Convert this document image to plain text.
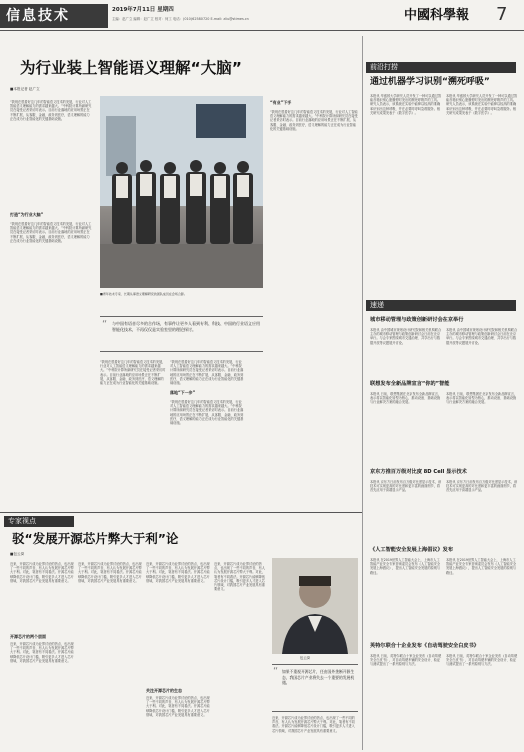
信息技术	2019年7月11日 星期四
主编：赵广立 编辑：赵广立 校对：何工 电话：(010)62580720 E-mail: zliu@stimes.cn	中國科學報 7
为行业装上智能语义理解“大脑”
■本报记者 赵广立
“我现在很看好这几年的智能语义技术的发展，行业对人工智能语义理解能力的需求越来越大。”中科院计算所副研究员在接受记者采访时表示。目前行业落地的应用场景正在不断扩展，从客服、金融、政务到医疗，语义理解的能力正在成为行业智能化的关键基础设施。
打造“为行业大脑”
“我现在很看好这几年的智能语义技术的发展，行业对人工智能语义理解能力的需求越来越大。”中科院计算所副研究员在接受记者采访时表示。目前行业落地的应用场景正在不断扩展，从客服、金融、政务到医疗，语义理解的能力正在成为行业智能化的关键基础设施。
■青年技术专家、长期从事语义理解研究的团队成员在会场合影。
“ 与中国有语音尽多的合作场，有事件让更多人看到专利、科技、中国的行业语义应用智能化技术，不再仅仅是实验室里的理论探讨。
“我现在很看好这几年的智能语义技术的发展，行业对人工智能语义理解能力的需求越来越大。”中科院计算所副研究员在接受记者采访时表示。目前行业落地的应用场景正在不断扩展，从客服、金融、政务到医疗，语义理解的能力正在成为行业智能化的关键基础设施。
“我现在很看好这几年的智能语义技术的发展，行业对人工智能语义理解能力的需求越来越大。”中科院计算所副研究员在接受记者采访时表示。目前行业落地的应用场景正在不断扩展，从客服、金融、政务到医疗，语义理解的能力正在成为行业智能化的关键基础设施。
落地“下一步”
“我现在很看好这几年的智能语义技术的发展，行业对人工智能语义理解能力的需求越来越大。”中科院计算所副研究员在接受记者采访时表示。目前行业落地的应用场景正在不断扩展，从客服、金融、政务到医疗，语义理解的能力正在成为行业智能化的关键基础设施。
“有业”下手
“我现在很看好这几年的智能语义技术的发展，行业对人工智能语义理解能力的需求越来越大。”中科院计算所副研究员在接受记者采访时表示。目前行业落地的应用场景正在不断扩展，从客服、金融、政务到医疗，语义理解的能力正在成为行业智能化的关键基础设施。
前沿打捞
通过机器学习识别“溯死呼吸”
本报讯 华盛顿大学研究人员开发了一种可以通过智能音箱识别心脏骤停时发出的濒死呼吸声的工具。研究人员表示，该系统在实验中能够以较高的准确率识别出这种呼吸，并在必要时呼叫急救服务。相关研究成果发表于《数字医学》。
本报讯 华盛顿大学研究人员开发了一种可以通过智能音箱识别心脏骤停时发出的濒死呼吸声的工具。研究人员表示，该系统在实验中能够以较高的准确率识别出这种呼吸，并在必要时呼叫急救服务。相关研究成果发表于《数字医学》。
速递
城市移动管理与政策创新研讨会在京举行
本报讯 由中国城市规划设计研究院和相关机构联合主办的城市移动管理与政策创新研讨会日前在北京举行。与会专家围绕城市交通治理、共享出行与数据开放等议题展开讨论。
本报讯 由中国城市规划设计研究院和相关机构联合主办的城市移动管理与政策创新研讨会日前在北京举行。与会专家围绕城市交通治理、共享出行与数据开放等议题展开讨论。
联想发布全新品牌宣言“你的”智能
本报讯 日前，联想集团在北京发布全新品牌宣言，表示将以智能化转型为核心，推动设备、基础设施与行业解决方案的融合发展。
本报讯 日前，联想集团在北京发布全新品牌宣言，表示将以智能化转型为核心，推动设备、基础设施与行业解决方案的融合发展。
京东方推百万级对比度 8D Cell 显示技术
本报讯 京东方日前发布百万级对比度显示技术，该技术可实现更高的对比度和更丰富的画面细节，将首先应用于高端显示产品。
本报讯 京东方日前发布百万级对比度显示技术，该技术可实现更高的对比度和更丰富的画面细节，将首先应用于高端显示产品。
《人工智能安全发展上海倡议》发布
本报讯 在2019世界人工智能大会上，上海市人工智能产业安全专家咨询委员会发布《人工智能安全发展上海倡议》，提出人工智能安全发展的原则与路径。
本报讯 在2019世界人工智能大会上，上海市人工智能产业安全专家咨询委员会发布《人工智能安全发展上海倡议》，提出人工智能安全发展的原则与路径。
英特尔联合十企业发布《自动驾驶安全白皮书》
本报讯 日前，英特尔联合十家企业发布《自动驾驶安全白皮书》，对自动驾驶车辆的安全设计、验证与测试提出了一系列原则与方法。
本报讯 日前，英特尔联合十家企业发布《自动驾驶安全白皮书》，对自动驾驶车辆的安全设计、验证与测试提出了一系列原则与方法。
专家视点
驳“发展开源芯片弊大于利”论
■包云岗
近来，开源芯片成为业界讨论的热点，也出现了一些不同的声音，有人认为发展开源芯片弊大于利。对此，笔者有不同看法。开源芯片能够降低芯片设计门槛，吸引更多人才进入芯片领域，对我国芯片产业发展具有重要意义。
开源芯片的两个层面
近来，开源芯片成为业界讨论的热点，也出现了一些不同的声音，有人认为发展开源芯片弊大于利。对此，笔者有不同看法。开源芯片能够降低芯片设计门槛，吸引更多人才进入芯片领域，对我国芯片产业发展具有重要意义。
近来，开源芯片成为业界讨论的热点，也出现了一些不同的声音，有人认为发展开源芯片弊大于利。对此，笔者有不同看法。开源芯片能够降低芯片设计门槛，吸引更多人才进入芯片领域，对我国芯片产业发展具有重要意义。
近来，开源芯片成为业界讨论的热点，也出现了一些不同的声音，有人认为发展开源芯片弊大于利。对此，笔者有不同看法。开源芯片能够降低芯片设计门槛，吸引更多人才进入芯片领域，对我国芯片产业发展具有重要意义。
关注开源芯片的生态
近来，开源芯片成为业界讨论的热点，也出现了一些不同的声音，有人认为发展开源芯片弊大于利。对此，笔者有不同看法。开源芯片能够降低芯片设计门槛，吸引更多人才进入芯片领域，对我国芯片产业发展具有重要意义。
近来，开源芯片成为业界讨论的热点，也出现了一些不同的声音，有人认为发展开源芯片弊大于利。对此，笔者有不同看法。开源芯片能够降低芯片设计门槛，吸引更多人才进入芯片领域，对我国芯片产业发展具有重要意义。
包云岗
“ 如果不重视开源芯片，任由国外垄断开源生态，我国芯片产业将失去一个重要的发展机遇。
近来，开源芯片成为业界讨论的热点，也出现了一些不同的声音，有人认为发展开源芯片弊大于利。对此，笔者有不同看法。开源芯片能够降低芯片设计门槛，吸引更多人才进入芯片领域，对我国芯片产业发展具有重要意义。
